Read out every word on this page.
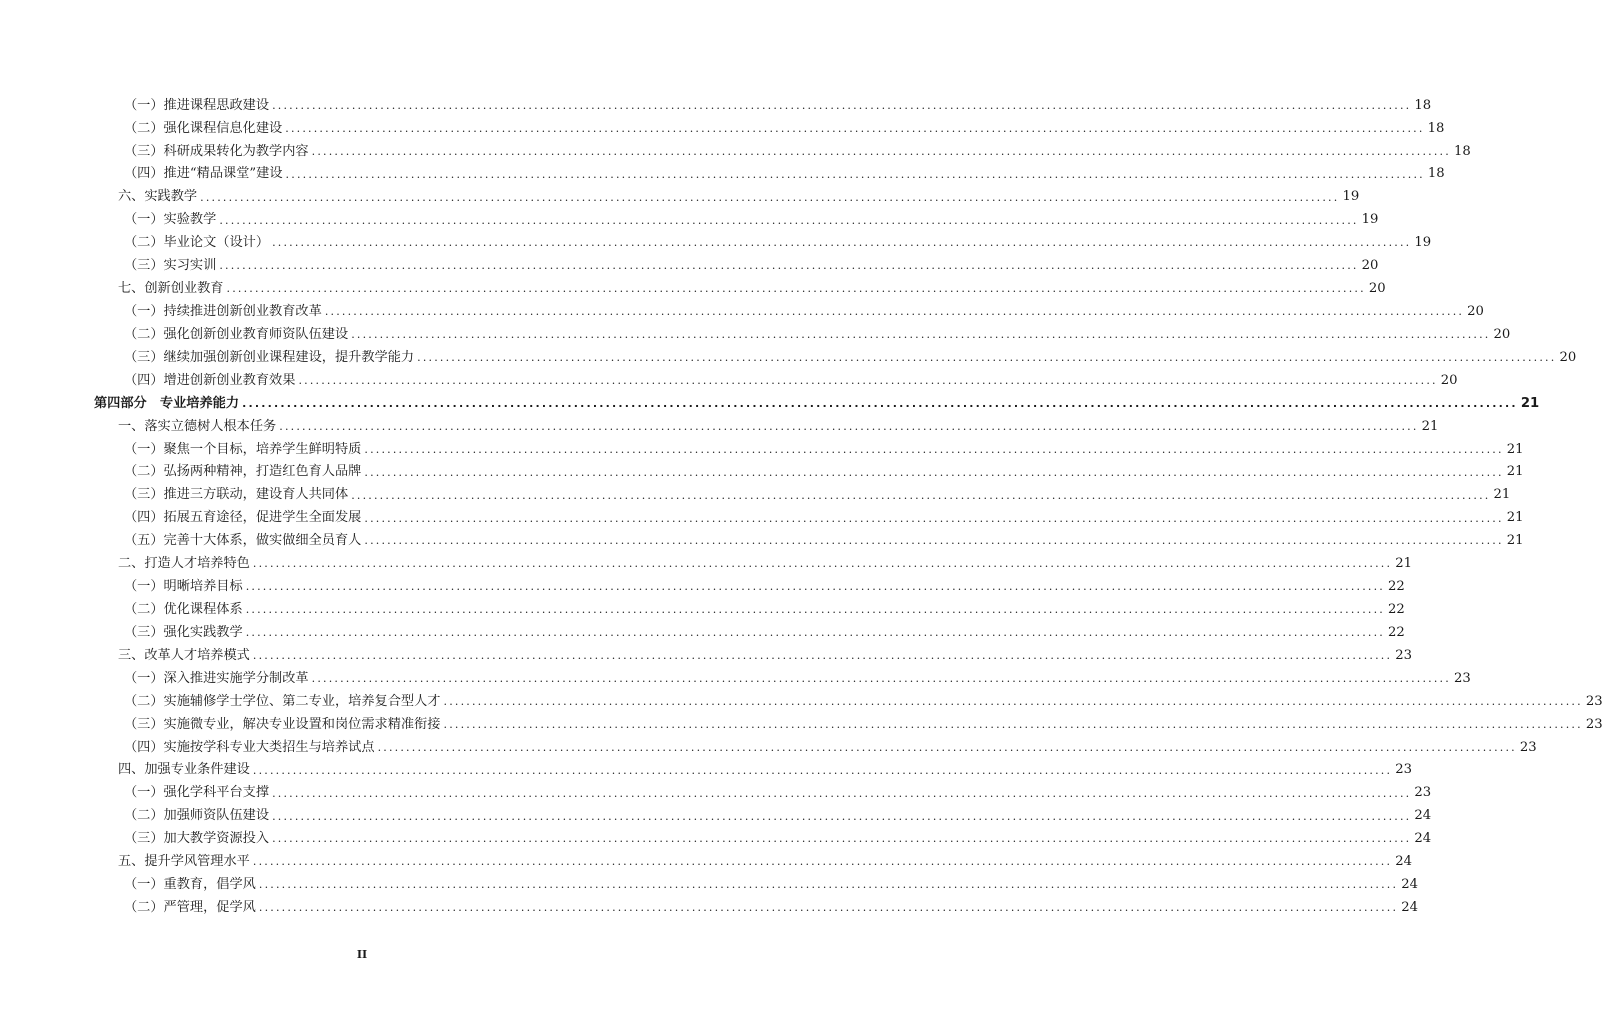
（一）推进课程思政建设 ........................................................................................................................................................................................................ 18
（二）强化课程信息化建设 ........................................................................................................................................................................................................ 18
（三）科研成果转化为教学内容 ........................................................................................................................................................................................................ 18
（四）推进“精品课堂”建设 ........................................................................................................................................................................................................ 18
六、实践教学 ........................................................................................................................................................................................................ 19
（一）实验教学 ........................................................................................................................................................................................................ 19
（二）毕业论文（设计） ........................................................................................................................................................................................................ 19
（三）实习实训 ........................................................................................................................................................................................................ 20
七、创新创业教育 ........................................................................................................................................................................................................ 20
（一）持续推进创新创业教育改革 ........................................................................................................................................................................................................ 20
（二）强化创新创业教育师资队伍建设 ........................................................................................................................................................................................................ 20
（三）继续加强创新创业课程建设，提升教学能力 ........................................................................................................................................................................................................ 20
（四）增进创新创业教育效果 ........................................................................................................................................................................................................ 20
第四部分　专业培养能力 ........................................................................................................................................................................................................ 21
一、落实立德树人根本任务 ........................................................................................................................................................................................................ 21
（一）聚焦一个目标，培养学生鲜明特质 ........................................................................................................................................................................................................ 21
（二）弘扬两种精神，打造红色育人品牌 ........................................................................................................................................................................................................ 21
（三）推进三方联动，建设育人共同体 ........................................................................................................................................................................................................ 21
（四）拓展五育途径，促进学生全面发展 ........................................................................................................................................................................................................ 21
（五）完善十大体系，做实做细全员育人 ........................................................................................................................................................................................................ 21
二、打造人才培养特色 ........................................................................................................................................................................................................ 21
（一）明晰培养目标 ........................................................................................................................................................................................................ 22
（二）优化课程体系 ........................................................................................................................................................................................................ 22
（三）强化实践教学 ........................................................................................................................................................................................................ 22
三、改革人才培养模式 ........................................................................................................................................................................................................ 23
（一）深入推进实施学分制改革 ........................................................................................................................................................................................................ 23
（二）实施辅修学士学位、第二专业，培养复合型人才 ........................................................................................................................................................................................................ 23
（三）实施微专业，解决专业设置和岗位需求精准衔接 ........................................................................................................................................................................................................ 23
（四）实施按学科专业大类招生与培养试点 ........................................................................................................................................................................................................ 23
四、加强专业条件建设 ........................................................................................................................................................................................................ 23
（一）强化学科平台支撑 ........................................................................................................................................................................................................ 23
（二）加强师资队伍建设 ........................................................................................................................................................................................................ 24
（三）加大教学资源投入 ........................................................................................................................................................................................................ 24
五、提升学风管理水平 ........................................................................................................................................................................................................ 24
（一）重教育，倡学风 ........................................................................................................................................................................................................ 24
（二）严管理，促学风 ........................................................................................................................................................................................................ 24
II
